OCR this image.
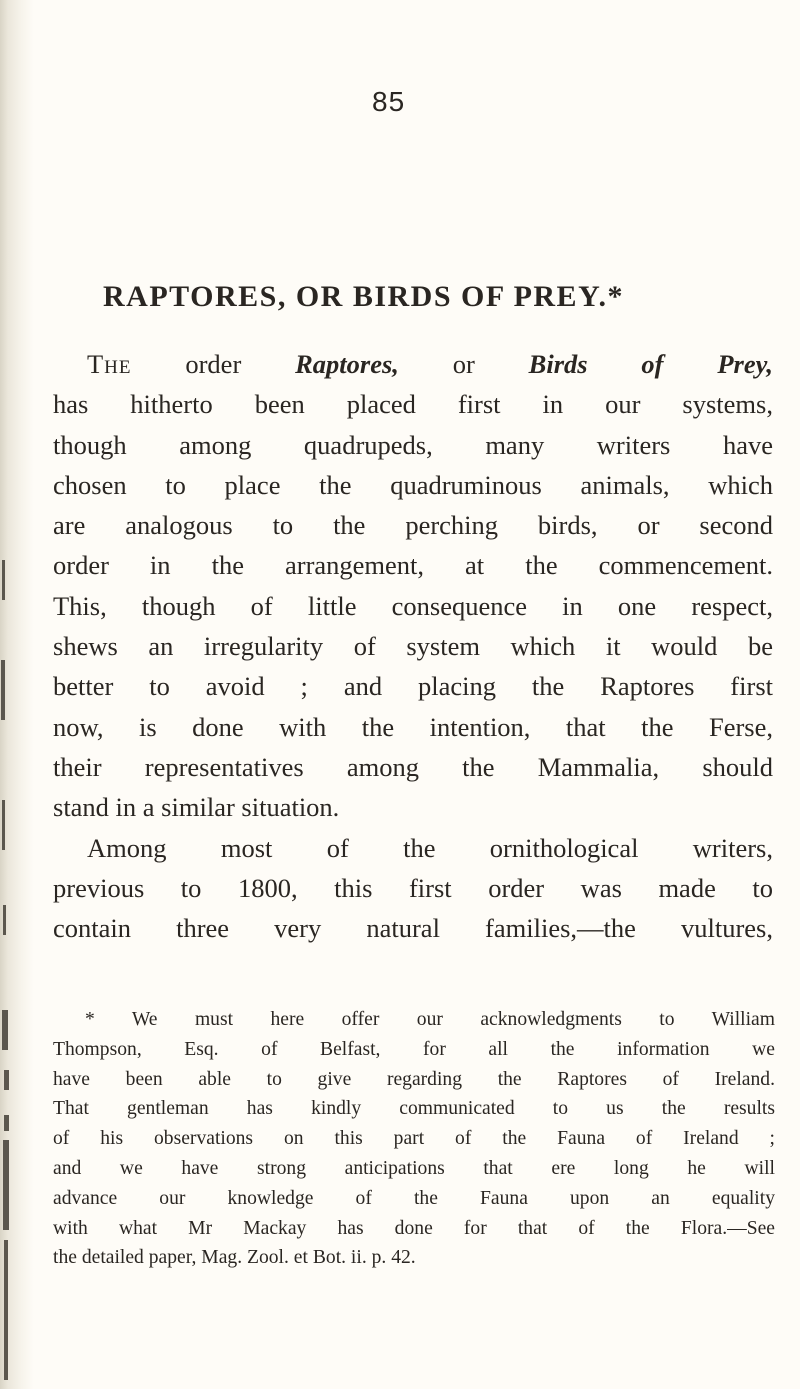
85
RAPTORES, OR BIRDS OF PREY.*

The order Raptores, or Birds of Prey,
has hitherto been placed first in our systems,
though among quadrupeds, many writers have
chosen to place the quadruminous animals, which
are analogous to the perching birds, or second
order in the arrangement, at the commencement.
This, though of little consequence in one respect,
shews an irregularity of system which it would be
better to avoid ; and placing the Raptores first
now, is done with the intention, that the Ferse,
their representatives among the Mammalia, should
stand in a similar situation.

Among most of the ornithological writers,
previous to 1800, this first order was made to
contain three very natural families,—the vultures,

* We must here offer our acknowledgments to William
Thompson, Esq. of Belfast, for all the information we
have been able to give regarding the Raptores of Ireland.
That gentleman has kindly communicated to us the results
of his observations on this part of the Fauna of Ireland ;
and we have strong anticipations that ere long he will
advance our knowledge of the Fauna upon an equality
with what Mr Mackay has done for that of the Flora.—See
the detailed paper, Mag. Zool. et Bot. ii. p. 42.
